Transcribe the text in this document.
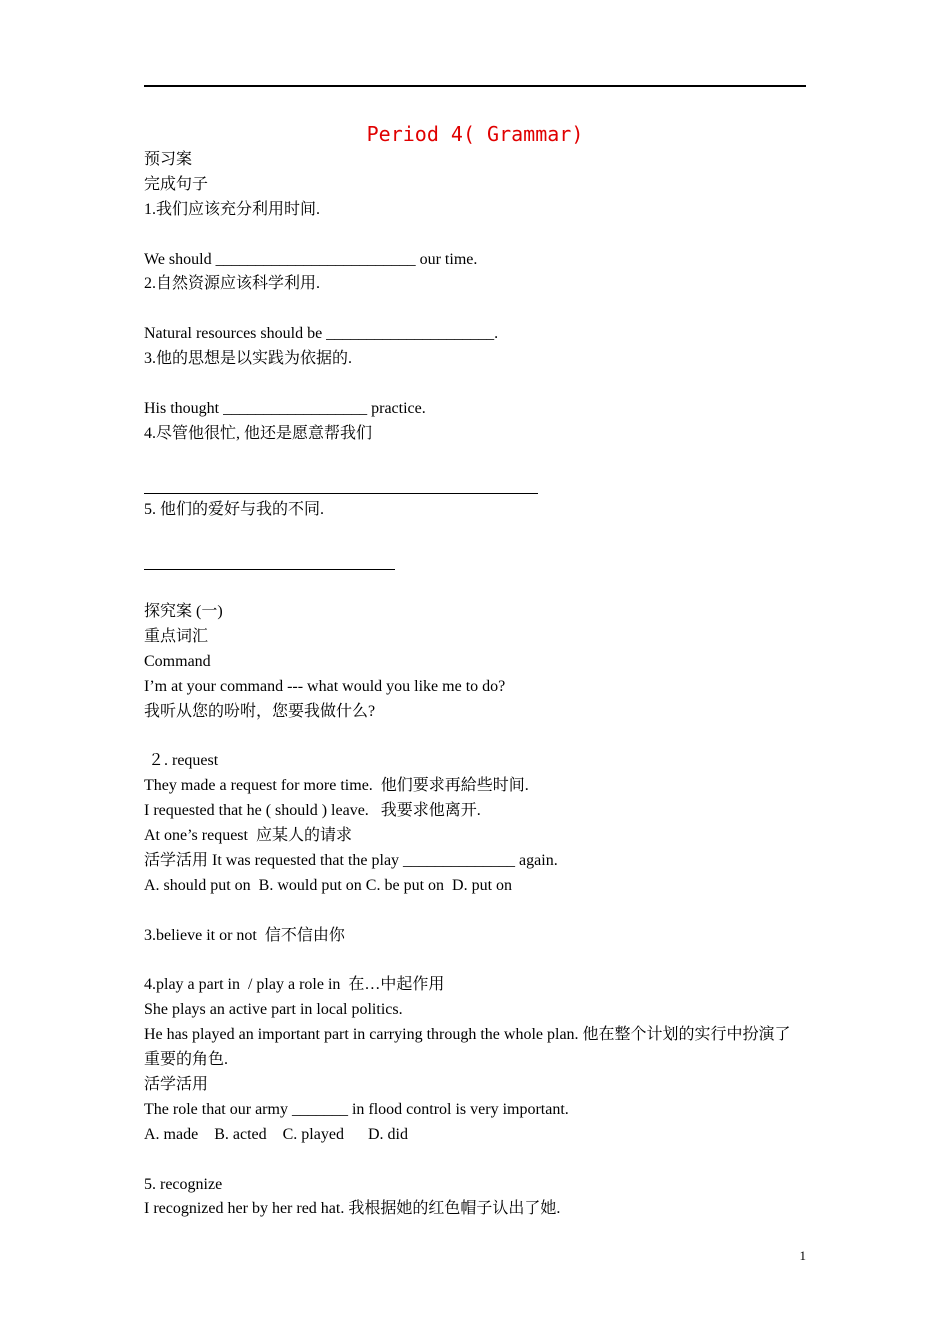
Period 4( Grammar)
预习案
完成句子
1.我们应该充分利用时间.
We should _________________________ our time.
2.自然资源应该科学利用.
Natural resources should be _____________________.
3.他的思想是以实践为依据的.
His thought __________________ practice.
4.尽管他很忙, 他还是愿意帮我们
5. 他们的爱好与我的不同.
探究案 (一)
重点词汇
Command
I’m at your command --- what would you like me to do?
我听从您的吩咐，您要我做什么?
２. request
They made a request for more time.  他们要求再給些时间.
I requested that he ( should ) leave.   我要求他离开.
At one’s request  应某人的请求
活学活用 It was requested that the play ______________ again.
A. should put on  B. would put on C. be put on  D. put on
3.believe it or not  信不信由你
4.play a part in  / play a role in  在…中起作用
She plays an active part in local politics.
He has played an important part in carrying through the whole plan. 他在整个计划的实行中扮演了 重要的角色.
活学活用
The role that our army _______ in flood control is very important.
A. made    B. acted    C. played      D. did
5. recognize
I recognized her by her red hat. 我根据她的红色帽子认出了她.
1
